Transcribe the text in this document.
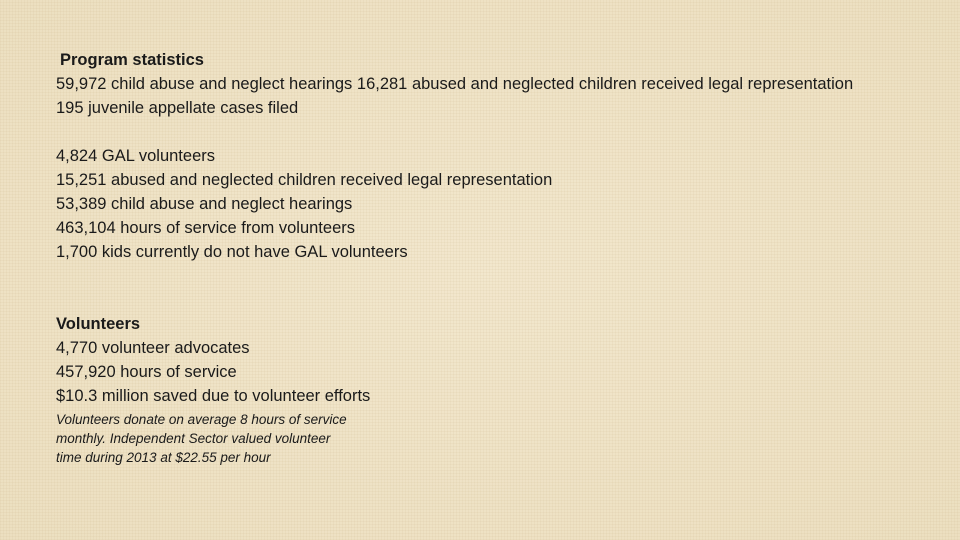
Program statistics
59,972 child abuse and neglect hearings 16,281 abused and neglected children received legal representation 195 juvenile appellate cases filed
4,824 GAL volunteers
15,251 abused and neglected children received legal representation
53,389 child abuse and neglect hearings
463,104 hours of service from volunteers
1,700 kids currently do not have GAL volunteers
Volunteers
4,770 volunteer advocates
457,920 hours of service
$10.3 million saved due to volunteer efforts
Volunteers donate on average 8 hours of service monthly. Independent Sector valued volunteer time during 2013 at $22.55 per hour
